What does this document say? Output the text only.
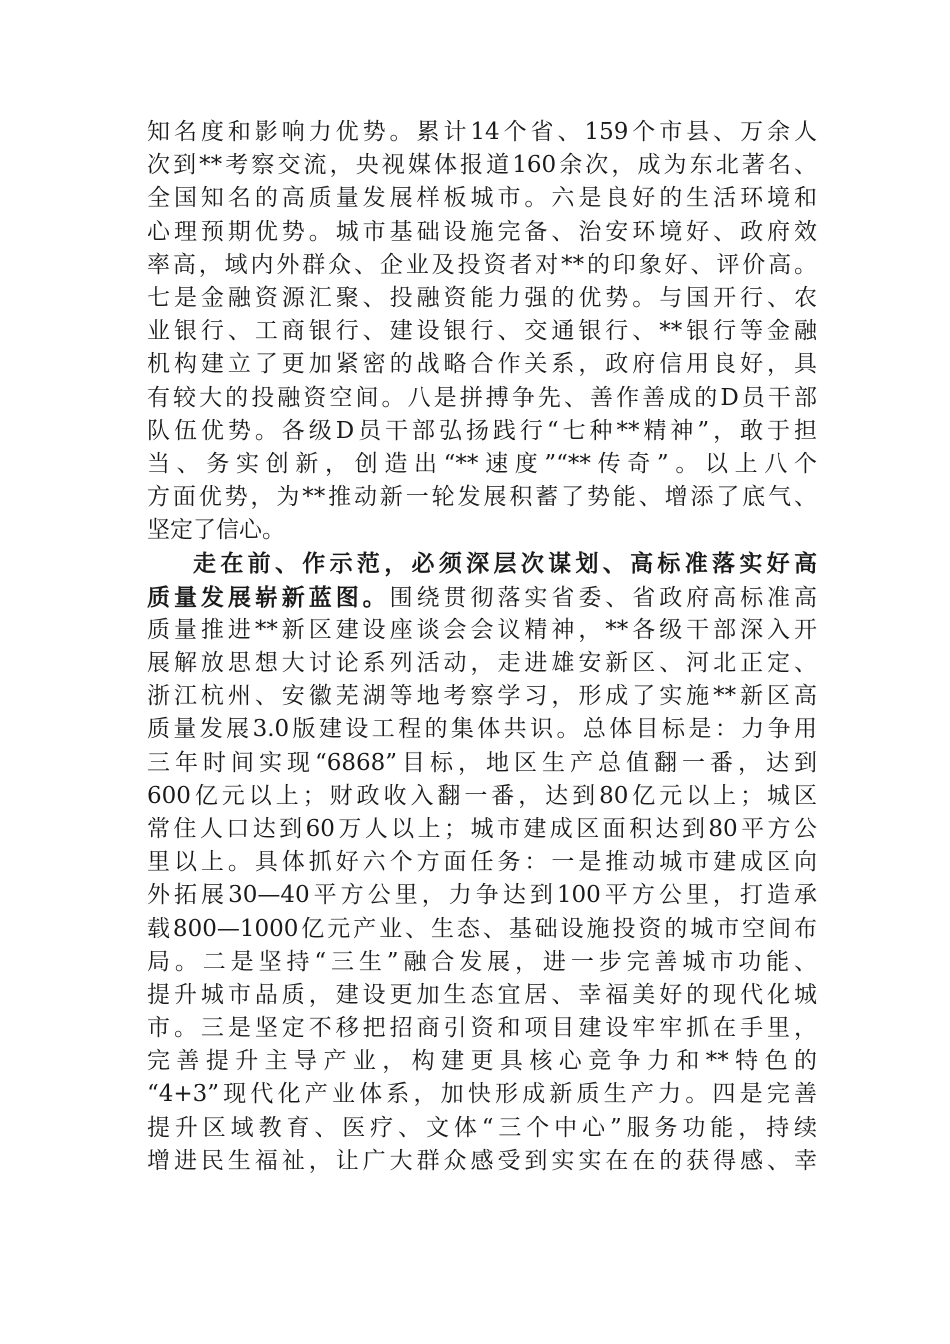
知名度和影响力优势。累计14个省、159个市县、万余人
次到**考察交流，央视媒体报道160余次，成为东北著名、
全国知名的高质量发展样板城市。六是良好的生活环境和
心理预期优势。城市基础设施完备、治安环境好、政府效
率高，域内外群众、企业及投资者对**的印象好、评价高。
七是金融资源汇聚、投融资能力强的优势。与国开行、农
业银行、工商银行、建设银行、交通银行、**银行等金融
机构建立了更加紧密的战略合作关系，政府信用良好，具
有较大的投融资空间。八是拼搏争先、善作善成的D员干部
队伍优势。各级D员干部弘扬践行“七种**精神”，敢于担
当、务实创新，创造出“**速度”“**传奇”。以上八个
方面优势，为**推动新一轮发展积蓄了势能、增添了底气、
坚定了信心。
走在前、作示范，必须深层次谋划、高标准落实好高
质量发展崭新蓝图。围绕贯彻落实省委、省政府高标准高
质量推进**新区建设座谈会会议精神，**各级干部深入开
展解放思想大讨论系列活动，走进雄安新区、河北正定、
浙江杭州、安徽芜湖等地考察学习，形成了实施**新区高
质量发展3.0版建设工程的集体共识。总体目标是：力争用
三年时间实现“6868”目标，地区生产总值翻一番，达到
600亿元以上；财政收入翻一番，达到80亿元以上；城区
常住人口达到60万人以上；城市建成区面积达到80平方公
里以上。具体抓好六个方面任务：一是推动城市建成区向
外拓展30—40平方公里，力争达到100平方公里，打造承
载800—1000亿元产业、生态、基础设施投资的城市空间布
局。二是坚持“三生”融合发展，进一步完善城市功能、
提升城市品质，建设更加生态宜居、幸福美好的现代化城
市。三是坚定不移把招商引资和项目建设牢牢抓在手里，
完善提升主导产业，构建更具核心竞争力和**特色的
“4+3”现代化产业体系，加快形成新质生产力。四是完善
提升区域教育、医疗、文体“三个中心”服务功能，持续
增进民生福祉，让广大群众感受到实实在在的获得感、幸
